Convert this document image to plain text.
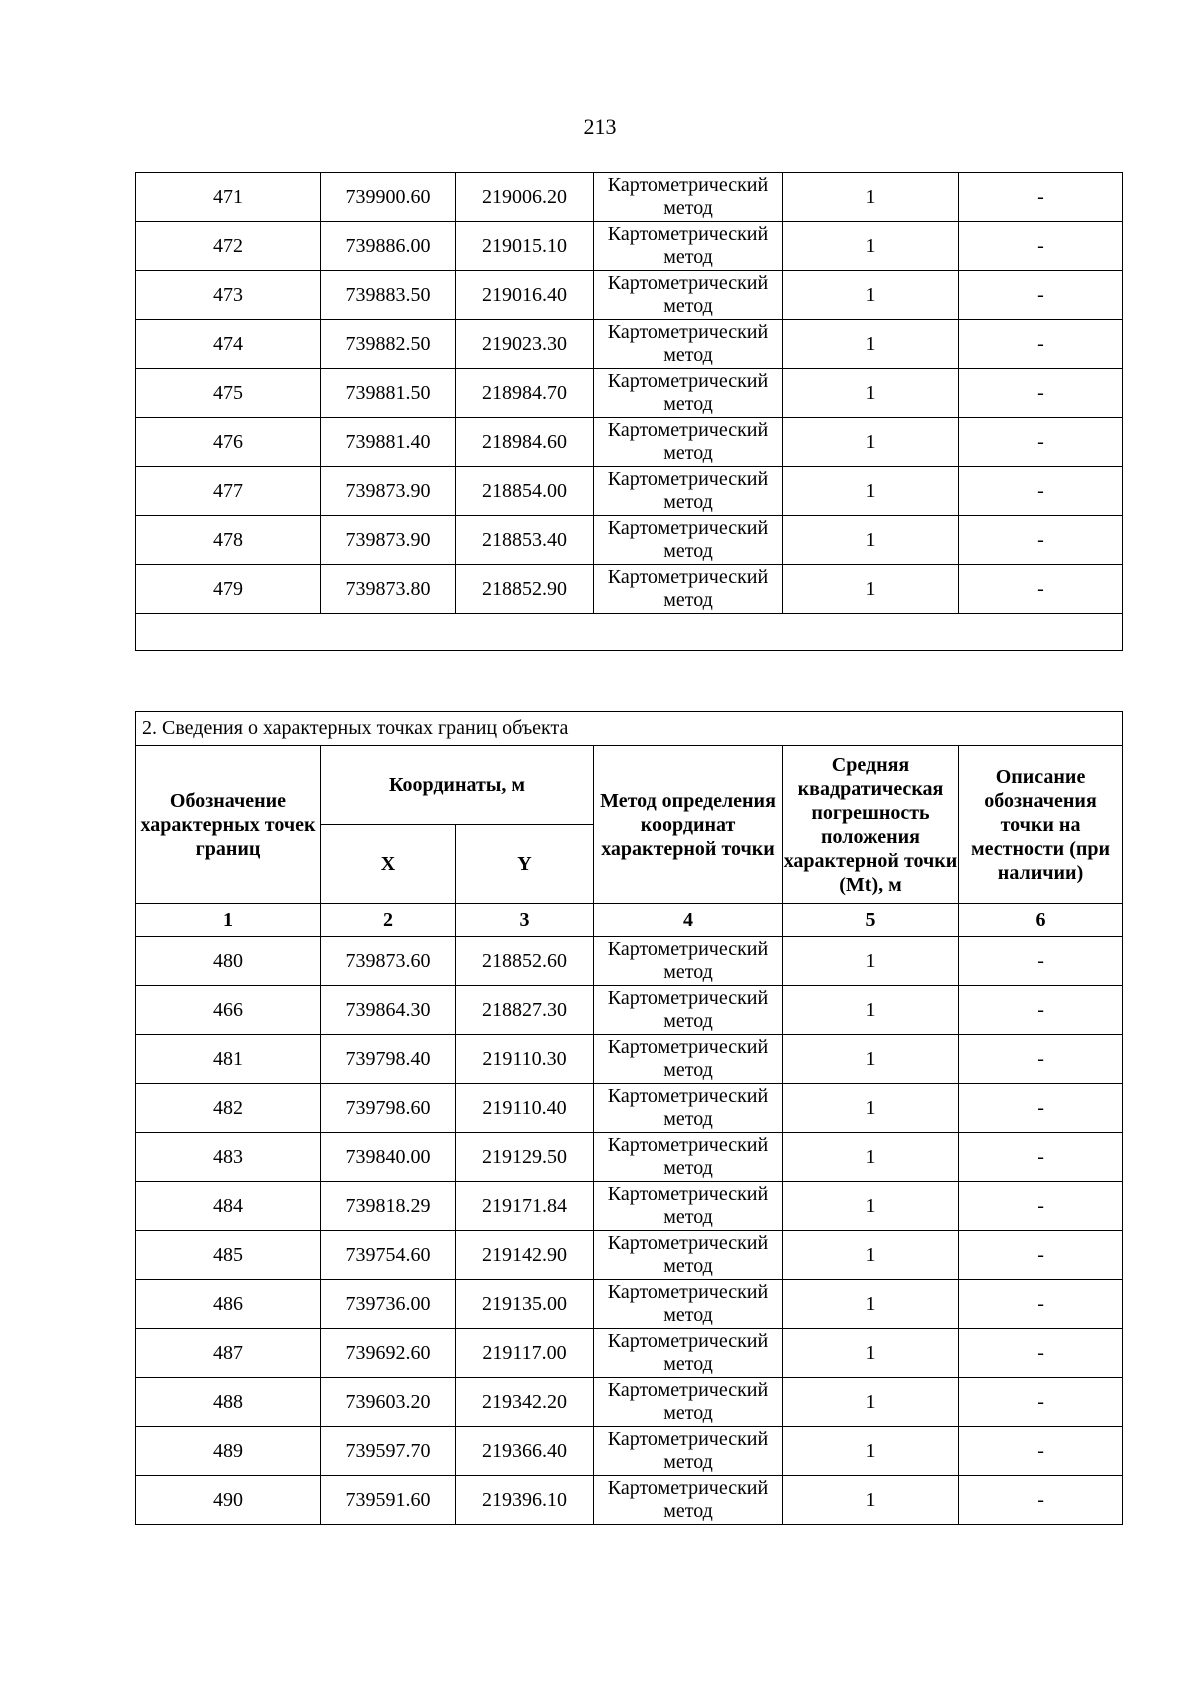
213
471	739900.60	219006.20	Картометрический метод	1	-
472	739886.00	219015.10	Картометрический метод	1	-
473	739883.50	219016.40	Картометрический метод	1	-
474	739882.50	219023.30	Картометрический метод	1	-
475	739881.50	218984.70	Картометрический метод	1	-
476	739881.40	218984.60	Картометрический метод	1	-
477	739873.90	218854.00	Картометрический метод	1	-
478	739873.90	218853.40	Картометрический метод	1	-
479	739873.80	218852.90	Картометрический метод	1	-

2. Сведения о характерных точках границ объекта					
Обозначение характерных точек границ	Координаты, м		Метод определения координат характерной точки	Средняя квадратическая погрешность положения характерной точки (Mt), м	Описание обозначения точки на местности (при наличии)
	X	Y			
1	2	3	4	5	6
480	739873.60	218852.60	Картометрический метод	1	-
466	739864.30	218827.30	Картометрический метод	1	-
481	739798.40	219110.30	Картометрический метод	1	-
482	739798.60	219110.40	Картометрический метод	1	-
483	739840.00	219129.50	Картометрический метод	1	-
484	739818.29	219171.84	Картометрический метод	1	-
485	739754.60	219142.90	Картометрический метод	1	-
486	739736.00	219135.00	Картометрический метод	1	-
487	739692.60	219117.00	Картометрический метод	1	-
488	739603.20	219342.20	Картометрический метод	1	-
489	739597.70	219366.40	Картометрический метод	1	-
490	739591.60	219396.10	Картометрический метод	1	-
